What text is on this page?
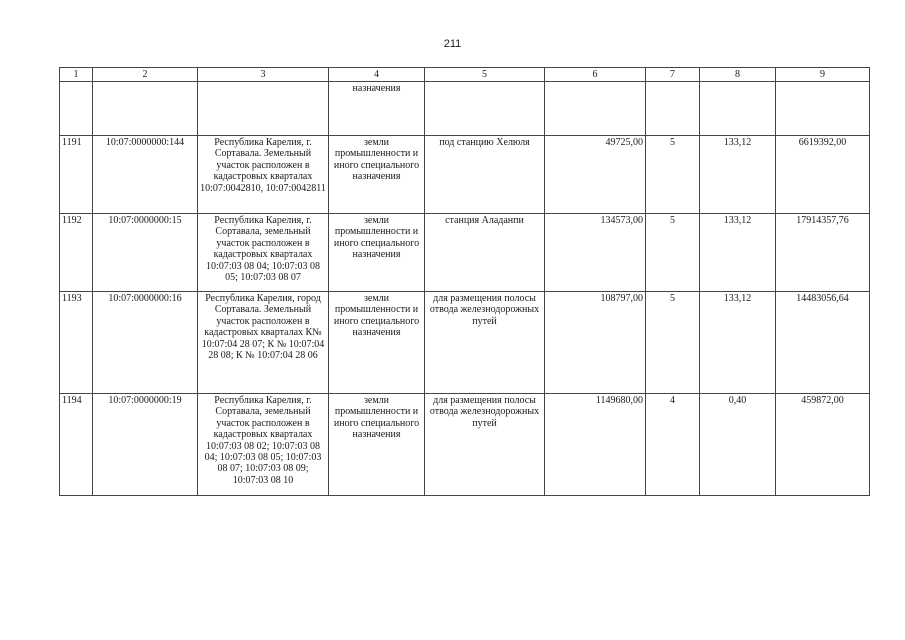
211
1	2	3	4	5	6	7	8	9
			назначения					
1191	10:07:0000000:144	Республика Карелия, г. Сортавала. Земельный участок расположен в кадастровых кварталах 10:07:0042810, 10:07:0042811	земли промышленности и иного специального назначения	под станцию Хелюля	49725,00	5	133,12	6619392,00
1192	10:07:0000000:15	Республика Карелия, г. Сортавала, земельный участок расположен в кадастровых кварталах 10:07:03 08 04; 10:07:03 08 05; 10:07:03 08 07	земли промышленности и иного специального назначения	станция Аладанпи	134573,00	5	133,12	17914357,76
1193	10:07:0000000:16	Республика Карелия, город Сортавала. Земельный участок расположен в кадастровых кварталах К№ 10:07:04 28 07; К № 10:07:04 28 08; К № 10:07:04 28 06	земли промышленности и иного специального назначения	для размещения полосы отвода железнодорожных путей	108797,00	5	133,12	14483056,64
1194	10:07:0000000:19	Республика Карелия, г. Сортавала, земельный участок расположен в кадастровых кварталах 10:07:03 08 02; 10:07:03 08 04; 10:07:03 08 05; 10:07:03 08 07; 10:07:03 08 09; 10:07:03 08 10	земли промышленности и иного специального назначения	для размещения полосы отвода железнодорожных путей	1149680,00	4	0,40	459872,00
